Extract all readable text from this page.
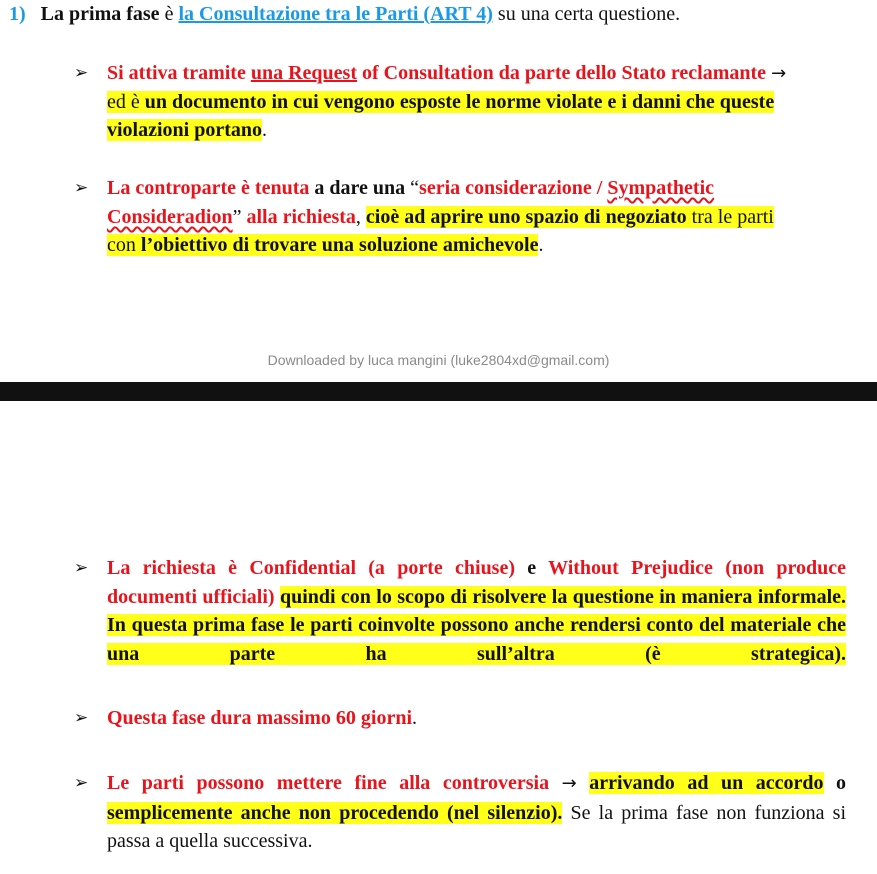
1) La prima fase è la Consultazione tra le Parti (ART 4) su una certa questione.
➢ Si attiva tramite una Request of Consultation da parte dello Stato reclamante →
ed è un documento in cui vengono esposte le norme violate e i danni che queste
violazioni portano.
➢ La controparte è tenuta a dare una “seria considerazione / Sympathetic
Consideradion” alla richiesta, cioè ad aprire uno spazio di negoziato tra le parti
con l’obiettivo di trovare una soluzione amichevole.
Downloaded by luca mangini (luke2804xd@gmail.com)
➢ La richiesta è Confidential (a porte chiuse) e Without Prejudice (non produce documenti ufficiali) quindi con lo scopo di risolvere la questione in maniera informale. In questa prima fase le parti coinvolte possono anche rendersi conto del materiale che una parte ha sull’altra (è strategica).
➢ Questa fase dura massimo 60 giorni.
➢ Le parti possono mettere fine alla controversia → arrivando ad un accordo o semplicemente anche non procedendo (nel silenzio). Se la prima fase non funziona si passa a quella successiva.
